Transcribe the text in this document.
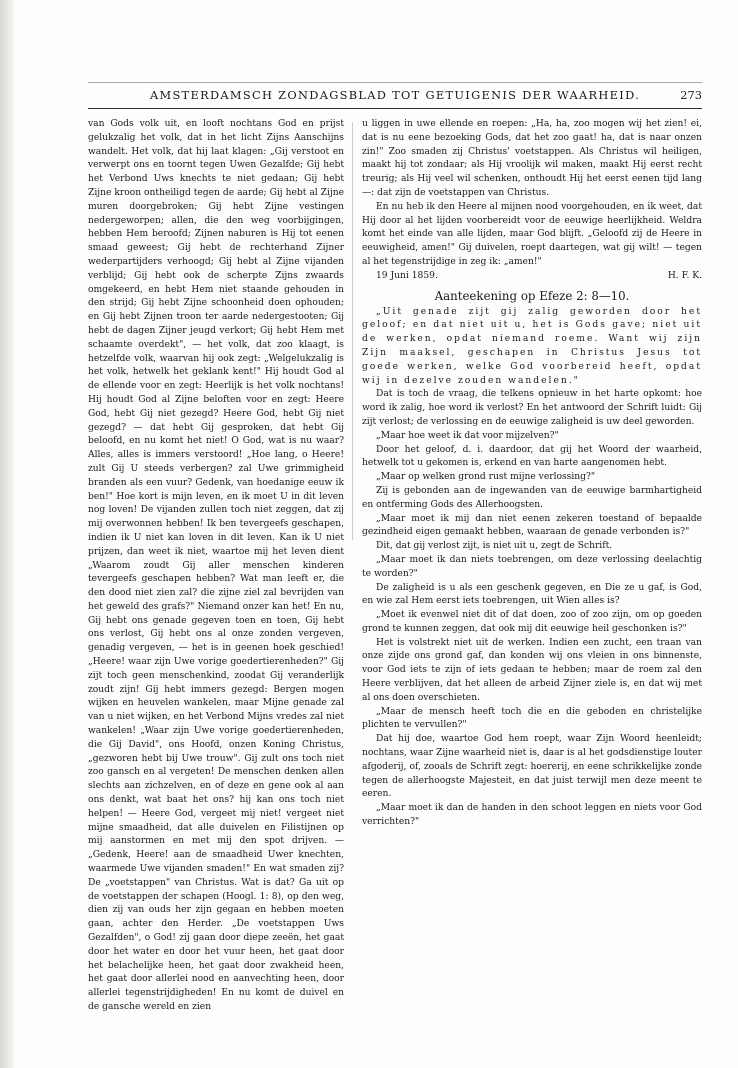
AMSTERDAMSCH ZONDAGSBLAD TOT GETUIGENIS DER WAARHEID.	273

van Gods volk uit, en looft nochtans God en prijst gelukzalig het volk, dat in het licht Zijns Aanschijns wandelt. Het volk, dat hij laat klagen: „Gij verstoot en verwerpt ons en toornt tegen Uwen Gezalfde; Gij hebt het Verbond Uws knechts te niet gedaan; Gij hebt Zijne kroon ontheiligd tegen de aarde; Gij hebt al Zijne muren doorgebroken; Gij hebt Zijne vestingen nedergeworpen; allen, die den weg voorbijgingen, hebben Hem beroofd; Zijnen naburen is Hij tot eenen smaad geweest; Gij hebt de rechterhand Zijner wederpartijders verhoogd; Gij hebt al Zijne vijanden verblijd; Gij hebt ook de scherpte Zijns zwaards omgekeerd, en hebt Hem niet staande gehouden in den strijd; Gij hebt Zijne schoonheid doen ophouden; en Gij hebt Zijnen troon ter aarde nedergestooten; Gij hebt de dagen Zijner jeugd verkort; Gij hebt Hem met schaamte overdekt", — het volk, dat zoo klaagt, is hetzelfde volk, waarvan hij ook zegt: „Welgelukzalig is het volk, hetwelk het geklank kent!" Hij houdt God al de ellende voor en zegt: Heerlijk is het volk nochtans! Hij houdt God al Zijne beloften voor en zegt: Heere God, hebt Gij niet gezegd? Heere God, hebt Gij niet gezegd? — dat hebt Gij gesproken, dat hebt Gij beloofd, en nu komt het niet! O God, wat is nu waar? Alles, alles is immers verstoord! „Hoe lang, o Heere! zult Gij U steeds verbergen? zal Uwe grimmigheid branden als een vuur? Gedenk, van hoedanige eeuw ik ben!" Hoe kort is mijn leven, en ik moet U in dit leven nog loven! De vijanden zullen toch niet zeggen, dat zij mij overwonnen hebben! Ik ben tevergeefs geschapen, indien ik U niet kan loven in dit leven. Kan ik U niet prijzen, dan weet ik niet, waartoe mij het leven dient „Waarom zoudt Gij aller menschen kinderen tevergeefs geschapen hebben? Wat man leeft er, die den dood niet zien zal? die zijne ziel zal bevrijden van het geweld des grafs?" Niemand onzer kan het! En nu, Gij hebt ons genade gegeven toen en toen, Gij hebt ons verlost, Gij hebt ons al onze zonden vergeven, genadig vergeven, — het is in geenen hoek geschied! „Heere! waar zijn Uwe vorige goedertierenheden?" Gij zijt toch geen menschenkind, zoodat Gij veranderlijk zoudt zijn! Gij hebt immers gezegd: Bergen mogen wijken en heuvelen wankelen, maar Mijne genade zal van u niet wijken, en het Verbond Mijns vredes zal niet wankelen! „Waar zijn Uwe vorige goedertierenheden, die Gij David", ons Hoofd, onzen Koning Christus, „gezworen hebt bij Uwe trouw". Gij zult ons toch niet zoo gansch en al vergeten! De menschen denken allen slechts aan zichzelven, en of deze en gene ook al aan ons denkt, wat baat het ons? hij kan ons toch niet helpen! — Heere God, vergeet mij niet! vergeet niet mijne smaadheid, dat alle duivelen en Filistijnen op mij aanstormen en met mij den spot drijven. — „Gedenk, Heere! aan de smaadheid Uwer knechten, waarmede Uwe vijanden smaden!" En wat smaden zij? De „voetstappen" van Christus. Wat is dat? Ga uit op de voetstappen der schapen (Hoogl. 1: 8), op den weg, dien zij van ouds her zijn gegaan en hebben moeten gaan, achter den Herder. „De voetstappen Uws Gezalfden", o God! zij gaan door diepe zeeën, het gaat door het water en door het vuur heen, het gaat door het belachelijke heen, het gaat door zwakheid heen, het gaat door allerlei nood en aanvechting heen, door allerlei tegenstrijdigheden! En nu komt de duivel en de gansche wereld en zien

u liggen in uwe ellende en roepen: „Ha, ha, zoo mogen wij het zien! ei, dat is nu eene bezoeking Gods, dat het zoo gaat! ha, dat is naar onzen zin!" Zoo smaden zij Christus' voetstappen. Als Christus wil heiligen, maakt hij tot zondaar; als Hij vroolijk wil maken, maakt Hij eerst recht treurig; als Hij veel wil schenken, onthoudt Hij het eerst eenen tijd lang —: dat zijn de voetstappen van Christus.

En nu heb ik den Heere al mijnen nood voorgehouden, en ik weet, dat Hij door al het lijden voorbereidt voor de eeuwige heerlijkheid. Weldra komt het einde van alle lijden, maar God blijft. „Geloofd zij de Heere in eeuwigheid, amen!" Gij duivelen, roept daartegen, wat gij wilt! — tegen al het tegenstrijdige in zeg ik: „amen!"

19 Juni 1859.	H. F. K.
Aanteekening op Efeze 2: 8—10.

„Uit genade zijt gij zalig geworden door het geloof; en dat niet uit u, het is Gods gave; niet uit de werken, opdat niemand roeme. Want wij zijn Zijn maaksel, geschapen in Christus Jesus tot goede werken, welke God voorbereid heeft, opdat wij in dezelve zouden wandelen."

Dat is toch de vraag, die telkens opnieuw in het harte opkomt: hoe word ik zalig, hoe word ik verlost? En het antwoord der Schrift luidt: Gij zijt verlost; de verlossing en de eeuwige zaligheid is uw deel geworden.

„Maar hoe weet ik dat voor mijzelven?"

Door het geloof, d. i. daardoor, dat gij het Woord der waarheid, hetwelk tot u gekomen is, erkend en van harte aangenomen hebt.

„Maar op welken grond rust mijne verlossing?"

Zij is gebonden aan de ingewanden van de eeuwige barmhartigheid en ontferming Gods des Allerhoogsten.

„Maar moet ik mij dan niet eenen zekeren toestand of bepaalde gezindheid eigen gemaakt hebben, waaraan de genade verbonden is?"

Dit, dat gij verlost zijt, is niet uit u, zegt de Schrift.

„Maar moet ik dan niets toebrengen, om deze verlossing deelachtig te worden?"

De zaligheid is u als een geschenk gegeven, en Die ze u gaf, is God, en wie zal Hem eerst iets toebrengen, uit Wien alles is?

„Moet ik evenwel niet dit of dat doen, zoo of zoo zijn, om op goeden grond te kunnen zeggen, dat ook mij dit eeuwige heil geschonken is?"

Het is volstrekt niet uit de werken. Indien een zucht, een traan van onze zijde ons grond gaf, dan konden wij ons vleien in ons binnenste, voor God iets te zijn of iets gedaan te hebben; maar de roem zal den Heere verblijven, dat het alleen de arbeid Zijner ziele is, en dat wij met al ons doen overschieten.

„Maar de mensch heeft toch die en die geboden en christelijke plichten te vervullen?"

Dat hij doe, waartoe God hem roept, waar Zijn Woord heenleidt; nochtans, waar Zijne waarheid niet is, daar is al het godsdienstige louter afgoderij, of, zooals de Schrift zegt: hoererij, en eene schrikkelijke zonde tegen de allerhoogste Majesteit, en dat juist terwijl men deze meent te eeren.

„Maar moet ik dan de handen in den schoot leggen en niets voor God verrichten?"
